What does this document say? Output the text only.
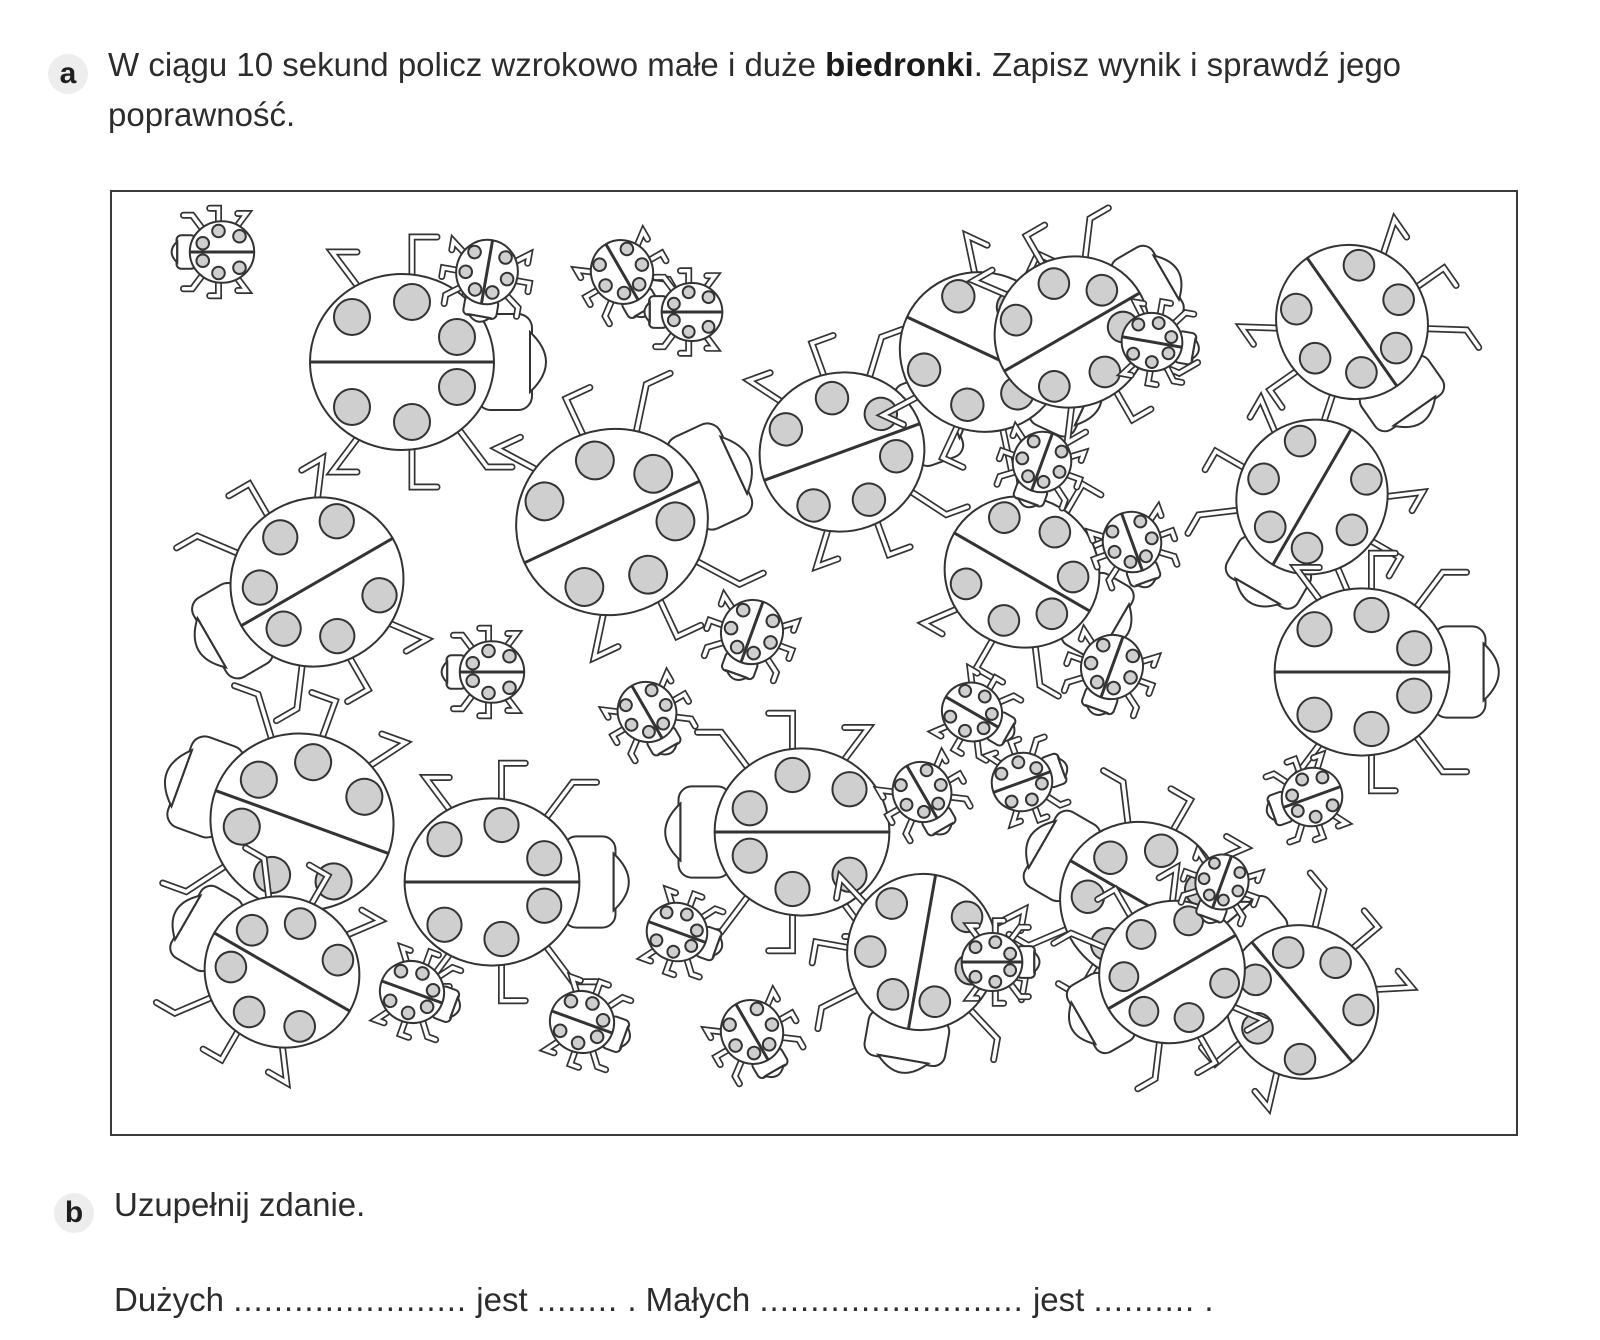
a W ciągu 10 sekund policz wzrokowo małe i duże biedronki. Zapisz wynik i sprawdź jego poprawność.
b Uzupełnij zdanie.
Dużych ....................... jest ........ . Małych .......................... jest .......... .
